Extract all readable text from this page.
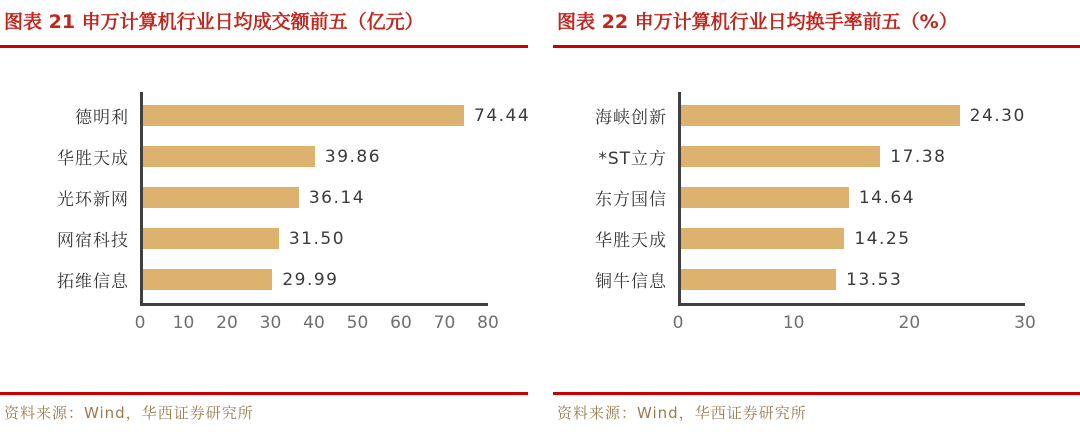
图表 21 申万计算机行业日均成交额前五（亿元）
德明利
华胜天成
光环新网
网宿科技
拓维信息
74.44
39.86
36.14
31.50
29.99
0 10 20 30 40 50 60 70 80
资料来源：Wind，华西证券研究所
图表 22 申万计算机行业日均换手率前五（%）
海峡创新
*ST立方
东方国信
华胜天成
铜牛信息
24.30
17.38
14.64
14.25
13.53
0	10	20	30
资料来源：Wind，华西证券研究所
